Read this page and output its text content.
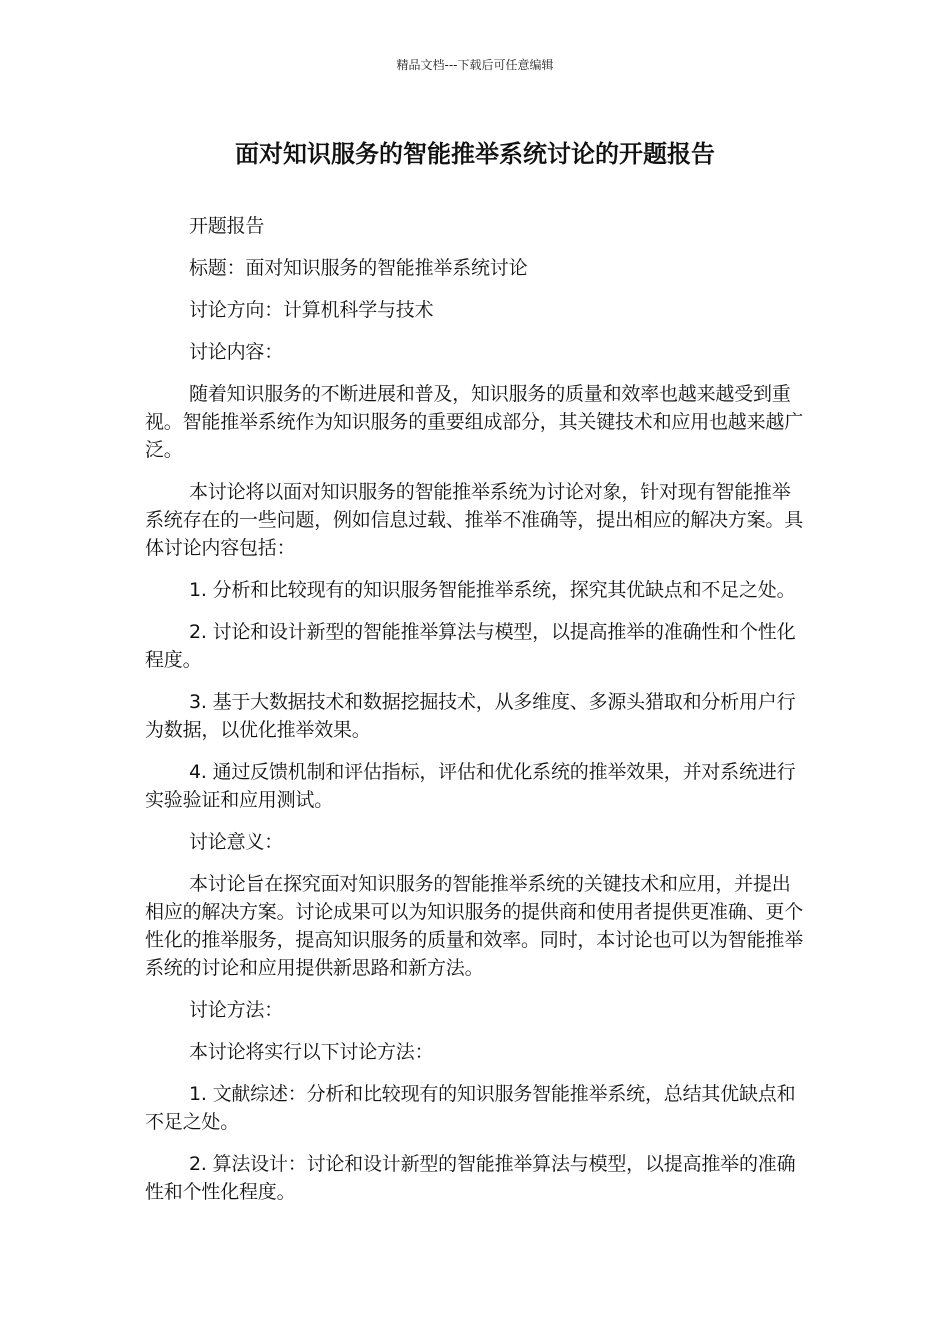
精品文档---下载后可任意编辑
面对知识服务的智能推举系统讨论的开题报告

开题报告

标题：面对知识服务的智能推举系统讨论

讨论方向：计算机科学与技术

讨论内容：

随着知识服务的不断进展和普及，知识服务的质量和效率也越来越受到重视。智能推举系统作为知识服务的重要组成部分，其关键技术和应用也越来越广泛。

本讨论将以面对知识服务的智能推举系统为讨论对象，针对现有智能推举系统存在的一些问题，例如信息过载、推举不准确等，提出相应的解决方案。具体讨论内容包括：

1. 分析和比较现有的知识服务智能推举系统，探究其优缺点和不足之处。

2. 讨论和设计新型的智能推举算法与模型，以提高推举的准确性和个性化程度。

3. 基于大数据技术和数据挖掘技术，从多维度、多源头猎取和分析用户行为数据，以优化推举效果。

4. 通过反馈机制和评估指标，评估和优化系统的推举效果，并对系统进行实验验证和应用测试。

讨论意义：

本讨论旨在探究面对知识服务的智能推举系统的关键技术和应用，并提出相应的解决方案。讨论成果可以为知识服务的提供商和使用者提供更准确、更个性化的推举服务，提高知识服务的质量和效率。同时，本讨论也可以为智能推举系统的讨论和应用提供新思路和新方法。

讨论方法：

本讨论将实行以下讨论方法：

1. 文献综述：分析和比较现有的知识服务智能推举系统，总结其优缺点和不足之处。

2. 算法设计：讨论和设计新型的智能推举算法与模型，以提高推举的准确性和个性化程度。
